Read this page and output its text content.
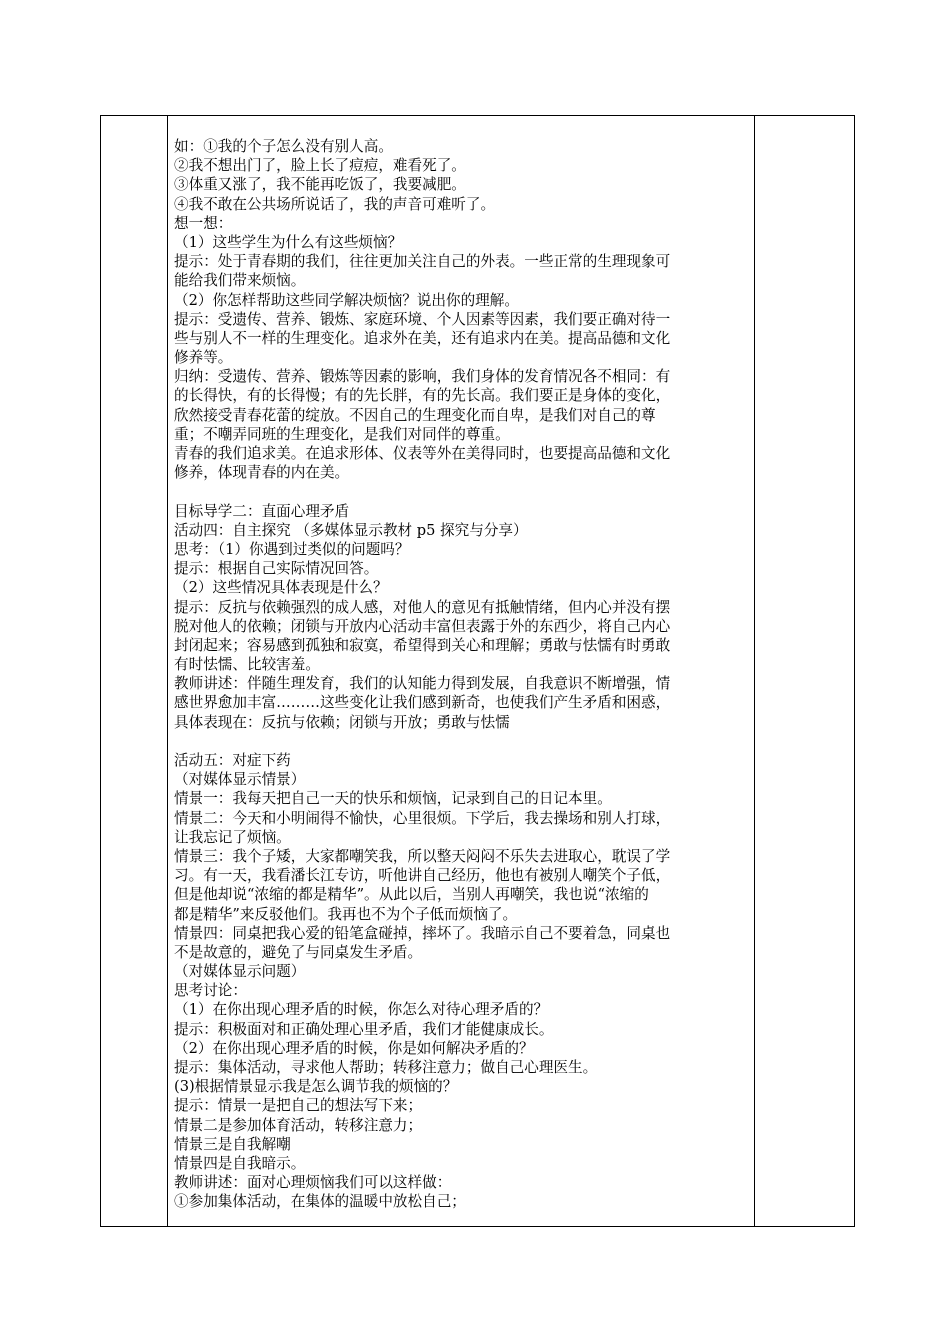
如：①我的个子怎么没有别人高。
②我不想出门了，脸上长了痘痘，难看死了。
③体重又涨了，我不能再吃饭了，我要减肥。
④我不敢在公共场所说话了，我的声音可难听了。
想一想：
（1）这些学生为什么有这些烦恼？
提示：处于青春期的我们，往往更加关注自己的外表。一些正常的生理现象可
能给我们带来烦恼。
（2）你怎样帮助这些同学解决烦恼？说出你的理解。
提示：受遗传、营养、锻炼、家庭环境、个人因素等因素，我们要正确对待一
些与别人不一样的生理变化。追求外在美，还有追求内在美。提高品德和文化
修养等。
归纳：受遗传、营养、锻炼等因素的影响，我们身体的发育情况各不相同：有
的长得快，有的长得慢；有的先长胖，有的先长高。我们要正是身体的变化，
欣然接受青春花蕾的绽放。不因自己的生理变化而自卑，是我们对自己的尊
重；不嘲弄同班的生理变化，是我们对同伴的尊重。
青春的我们追求美。在追求形体、仪表等外在美得同时，也要提高品德和文化
修养，体现青春的内在美。
目标导学二：直面心理矛盾
活动四：自主探究 （多媒体显示教材 p5 探究与分享）
思考：（1）你遇到过类似的问题吗？
提示：根据自己实际情况回答。
（2）这些情况具体表现是什么？
提示：反抗与依赖强烈的成人感，对他人的意见有抵触情绪，但内心并没有摆
脱对他人的依赖；闭锁与开放内心活动丰富但表露于外的东西少，将自己内心
封闭起来；容易感到孤独和寂寞，希望得到关心和理解；勇敢与怯懦有时勇敢
有时怯懦、比较害羞。
教师讲述：伴随生理发育，我们的认知能力得到发展，自我意识不断增强，情
感世界愈加丰富………这些变化让我们感到新奇，也使我们产生矛盾和困惑，
具体表现在：反抗与依赖；闭锁与开放；勇敢与怯懦
活动五：对症下药
（对媒体显示情景）
情景一：我每天把自己一天的快乐和烦恼，记录到自己的日记本里。
情景二：今天和小明闹得不愉快，心里很烦。下学后，我去操场和别人打球，
让我忘记了烦恼。
情景三：我个子矮，大家都嘲笑我，所以整天闷闷不乐失去进取心，耽误了学
习。有一天，我看潘长江专访，听他讲自己经历，他也有被别人嘲笑个子低，
但是他却说“浓缩的都是精华”。从此以后，当别人再嘲笑，我也说“浓缩的
都是精华”来反驳他们。我再也不为个子低而烦恼了。
情景四：同桌把我心爱的铅笔盒碰掉，摔坏了。我暗示自己不要着急，同桌也
不是故意的，避免了与同桌发生矛盾。
（对媒体显示问题）
思考讨论：
（1）在你出现心理矛盾的时候，你怎么对待心理矛盾的？
提示：积极面对和正确处理心里矛盾，我们才能健康成长。
（2）在你出现心理矛盾的时候，你是如何解决矛盾的？
提示：集体活动，寻求他人帮助；转移注意力；做自己心理医生。
(3)根据情景显示我是怎么调节我的烦恼的？
提示：情景一是把自己的想法写下来；
情景二是参加体育活动，转移注意力；
情景三是自我解嘲
情景四是自我暗示。
教师讲述：面对心理烦恼我们可以这样做：
①参加集体活动，在集体的温暖中放松自己；
